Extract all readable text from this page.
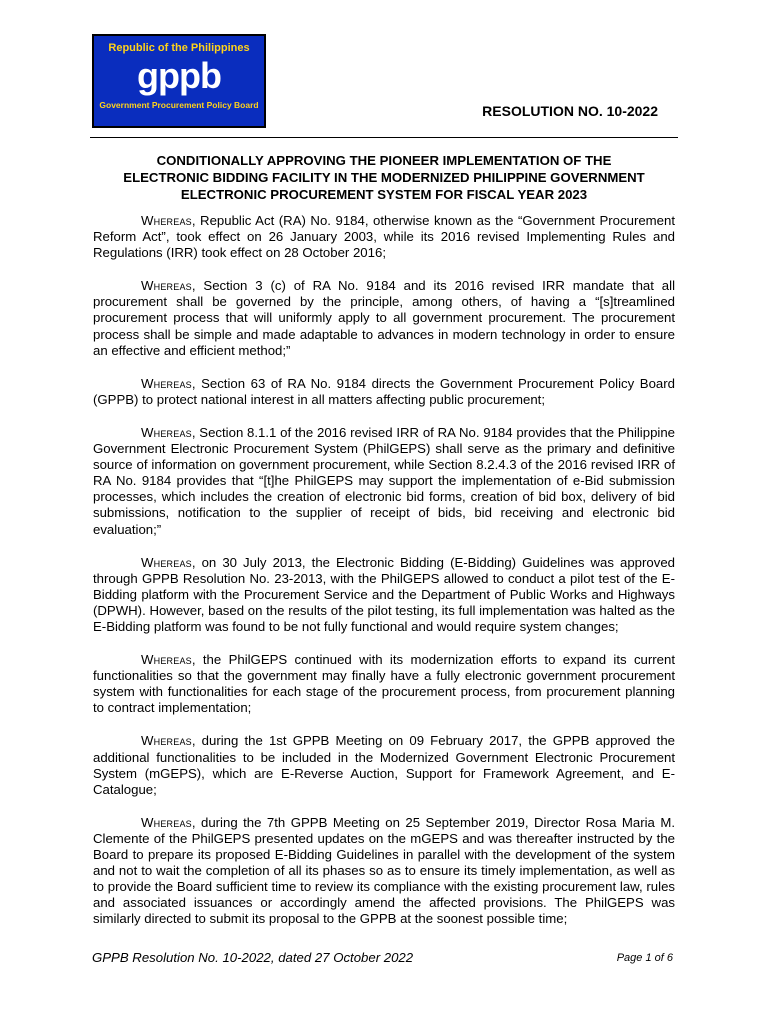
Republic of the Philippines
gppb
Government Procurement Policy Board	RESOLUTION NO. 10-2022
CONDITIONALLY APPROVING THE PIONEER IMPLEMENTATION OF THE
ELECTRONIC BIDDING FACILITY IN THE MODERNIZED PHILIPPINE GOVERNMENT
ELECTRONIC PROCUREMENT SYSTEM FOR FISCAL YEAR 2023

Whereas, Republic Act (RA) No. 9184, otherwise known as the “Government Procurement Reform Act”, took effect on 26 January 2003, while its 2016 revised Implementing Rules and Regulations (IRR) took effect on 28 October 2016;

Whereas, Section 3 (c) of RA No. 9184 and its 2016 revised IRR mandate that all procurement shall be governed by the principle, among others, of having a “[s]treamlined procurement process that will uniformly apply to all government procurement. The procurement process shall be simple and made adaptable to advances in modern technology in order to ensure an effective and efficient method;”

Whereas, Section 63 of RA No. 9184 directs the Government Procurement Policy Board (GPPB) to protect national interest in all matters affecting public procurement;

Whereas, Section 8.1.1 of the 2016 revised IRR of RA No. 9184 provides that the Philippine Government Electronic Procurement System (PhilGEPS) shall serve as the primary and definitive source of information on government procurement, while Section 8.2.4.3 of the 2016 revised IRR of RA No. 9184 provides that “[t]he PhilGEPS may support the implementation of e-Bid submission processes, which includes the creation of electronic bid forms, creation of bid box, delivery of bid submissions, notification to the supplier of receipt of bids, bid receiving and electronic bid evaluation;”

Whereas, on 30 July 2013, the Electronic Bidding (E-Bidding) Guidelines was approved through GPPB Resolution No. 23-2013, with the PhilGEPS allowed to conduct a pilot test of the E-Bidding platform with the Procurement Service and the Department of Public Works and Highways (DPWH). However, based on the results of the pilot testing, its full implementation was halted as the E-Bidding platform was found to be not fully functional and would require system changes;

Whereas, the PhilGEPS continued with its modernization efforts to expand its current functionalities so that the government may finally have a fully electronic government procurement system with functionalities for each stage of the procurement process, from procurement planning to contract implementation;

Whereas, during the 1st GPPB Meeting on 09 February 2017, the GPPB approved the additional functionalities to be included in the Modernized Government Electronic Procurement System (mGEPS), which are E-Reverse Auction, Support for Framework Agreement, and E-Catalogue;

Whereas, during the 7th GPPB Meeting on 25 September 2019, Director Rosa Maria M. Clemente of the PhilGEPS presented updates on the mGEPS and was thereafter instructed by the Board to prepare its proposed E-Bidding Guidelines in parallel with the development of the system and not to wait the completion of all its phases so as to ensure its timely implementation, as well as to provide the Board sufficient time to review its compliance with the existing procurement law, rules and associated issuances or accordingly amend the affected provisions. The PhilGEPS was similarly directed to submit its proposal to the GPPB at the soonest possible time;

GPPB Resolution No. 10-2022, dated 27 October 2022	Page 1 of 6
